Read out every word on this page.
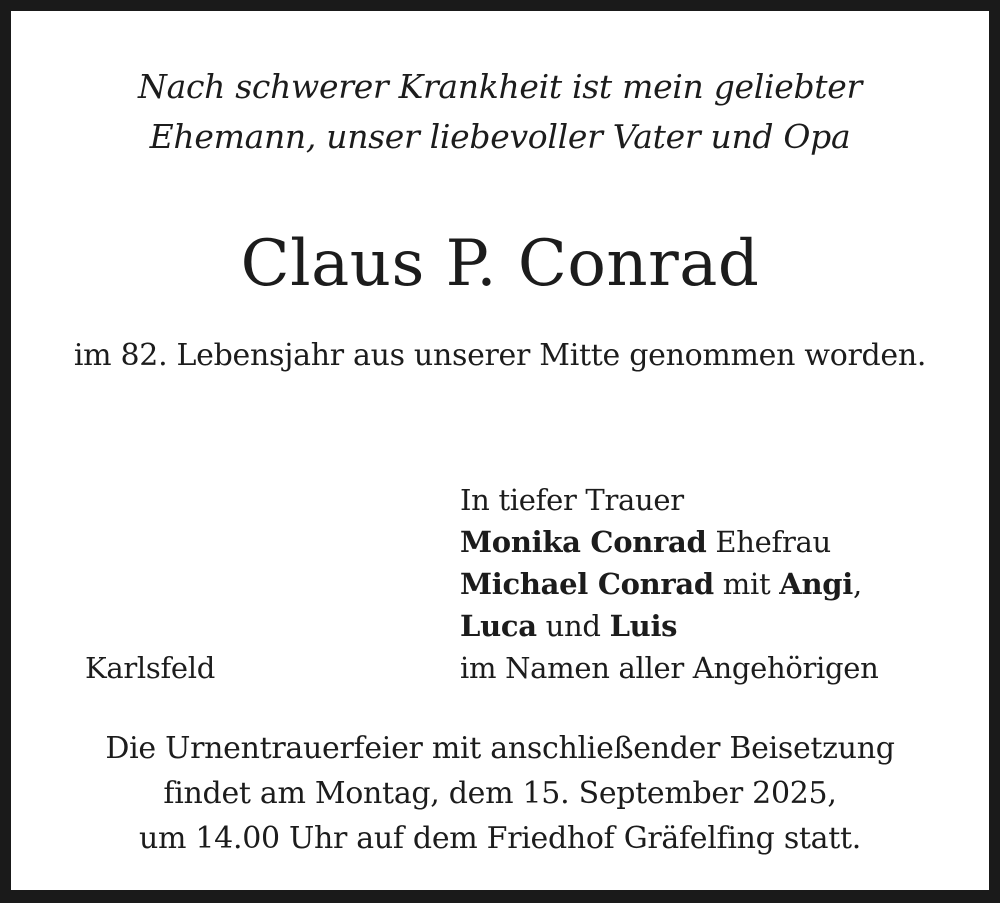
Nach schwerer Krankheit ist mein geliebter
Ehemann, unser liebevoller Vater und Opa
Claus P. Conrad
im 82. Lebensjahr aus unserer Mitte genommen worden.
In tiefer Trauer
Monika Conrad Ehefrau
Michael Conrad mit Angi,
Luca und Luis
im Namen aller Angehörigen
Karlsfeld
Die Urnentrauerfeier mit anschließender Beisetzung
findet am Montag, dem 15. September 2025,
um 14.00 Uhr auf dem Friedhof Gräfelfing statt.
